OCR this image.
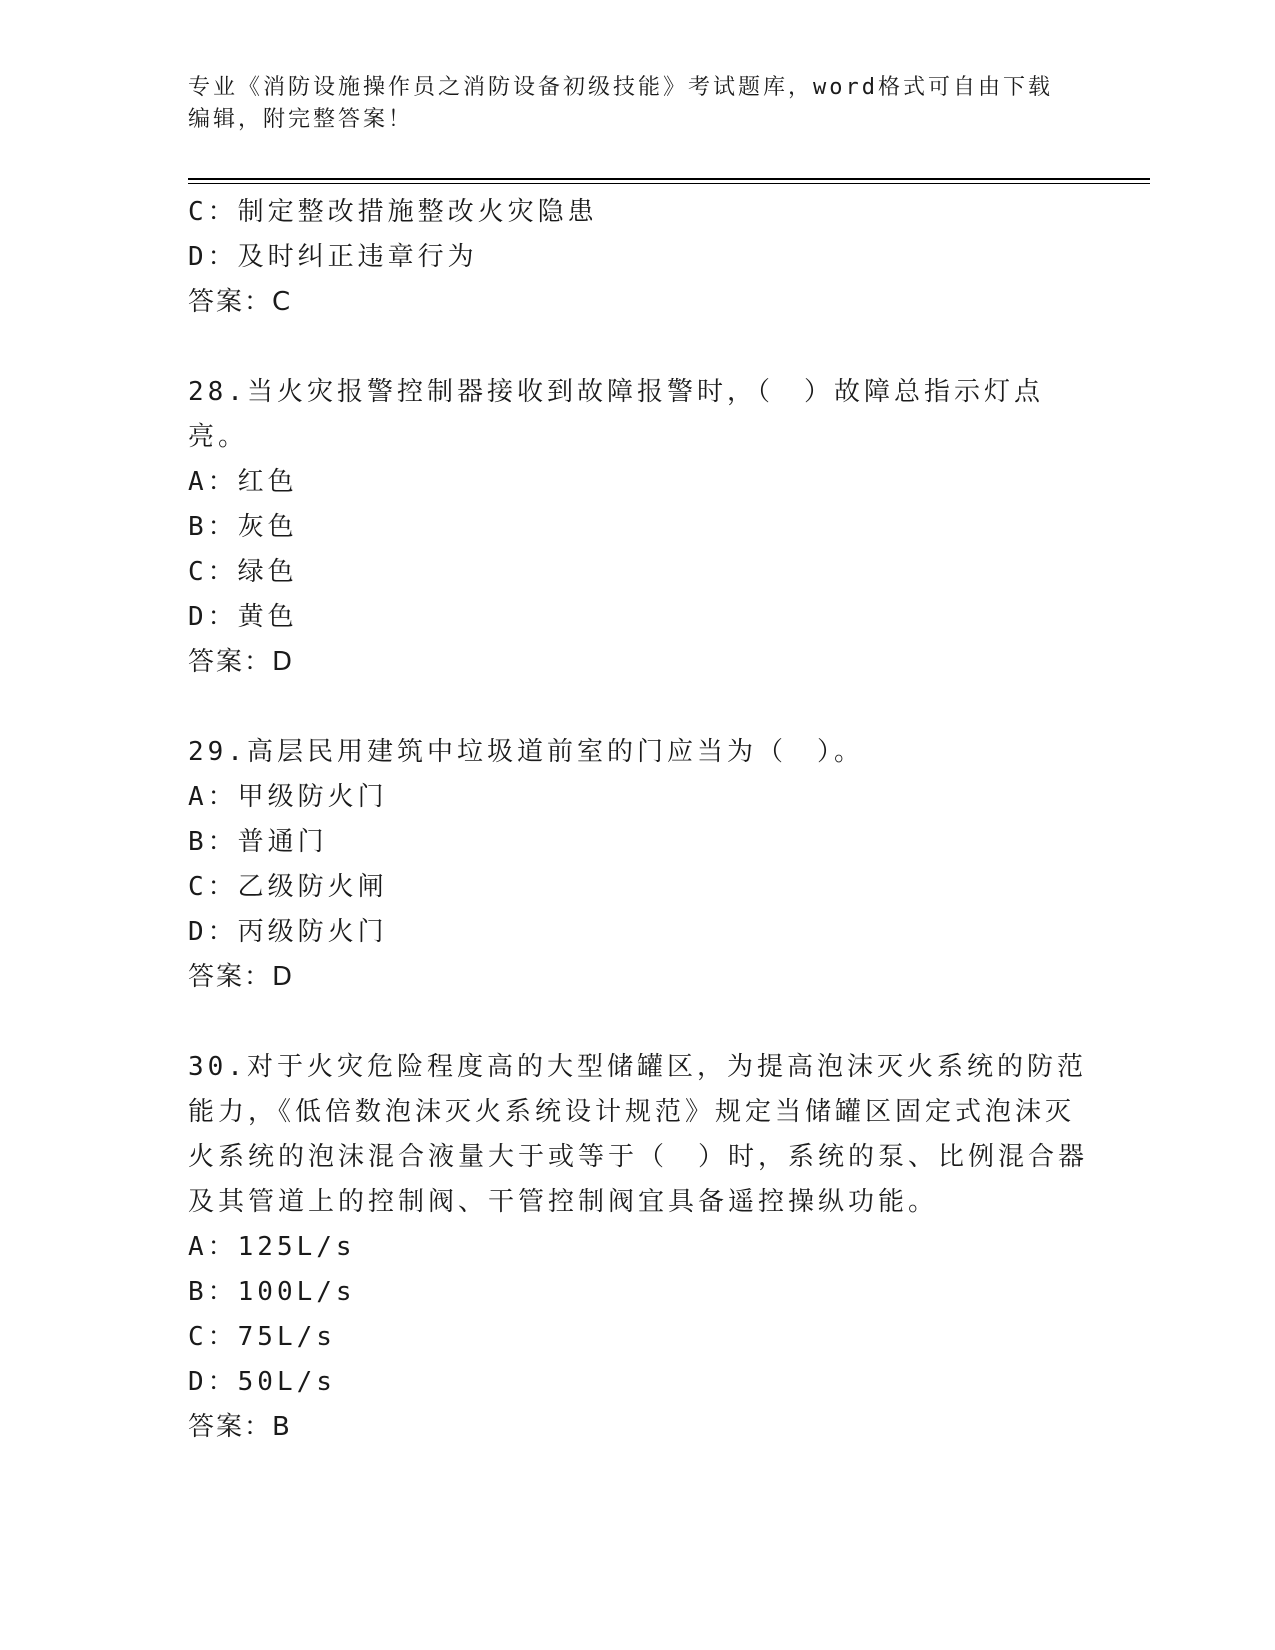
专业《消防设施操作员之消防设备初级技能》考试题库，word格式可自由下载编辑，附完整答案！
C：制定整改措施整改火灾隐患
D：及时纠正违章行为
答案：C
28.当火灾报警控制器接收到故障报警时，（　）故障总指示灯点亮。
A：红色
B：灰色
C：绿色
D：黄色
答案：D
29.高层民用建筑中垃圾道前室的门应当为（　）。
A：甲级防火门
B：普通门
C：乙级防火闸
D：丙级防火门
答案：D
30.对于火灾危险程度高的大型储罐区，为提高泡沫灭火系统的防范能力，《低倍数泡沫灭火系统设计规范》规定当储罐区固定式泡沫灭火系统的泡沫混合液量大于或等于（　）时，系统的泵、比例混合器及其管道上的控制阀、干管控制阀宜具备遥控操纵功能。
A：125L/s
B：100L/s
C：75L/s
D：50L/s
答案：B
